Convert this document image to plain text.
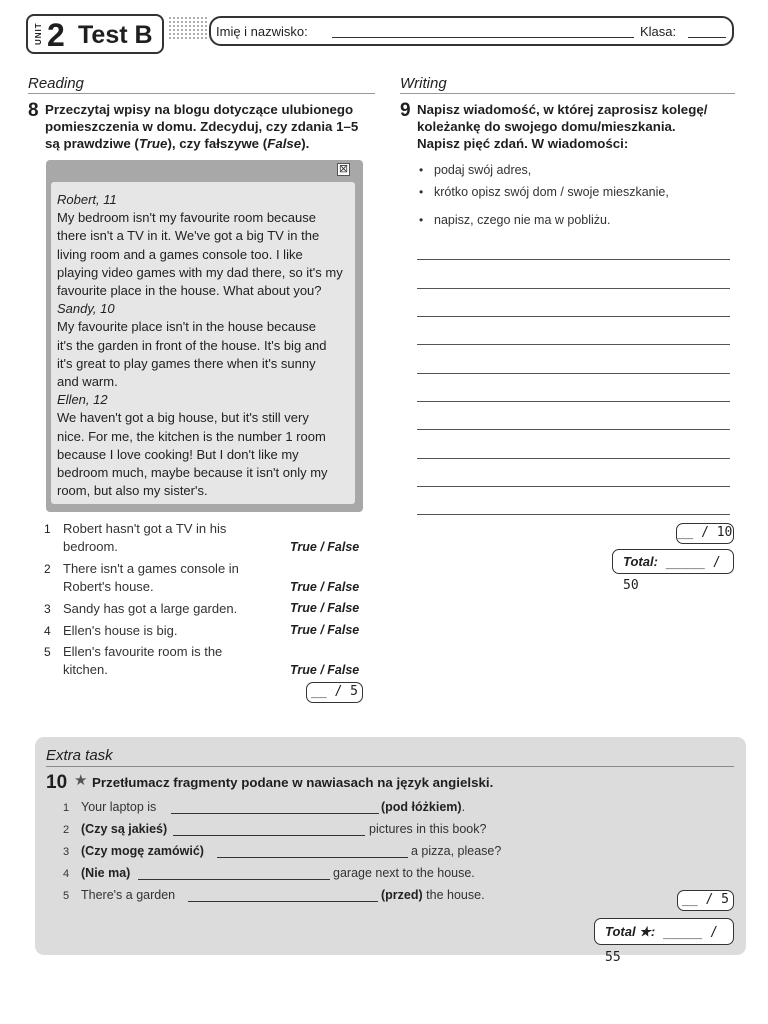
UNIT 2 Test B	Imię i nazwisko:	Klasa:
Reading
8 Przeczytaj wpisy na blogu dotyczące ulubionego
pomieszczenia w domu. Zdecyduj, czy zdania 1–5
są prawdziwe (True), czy fałszywe (False).
⊠
Robert, 11
My bedroom isn't my favourite room because
there isn't a TV in it. We've got a big TV in the
living room and a games console too. I like
playing video games with my dad there, so it's my
favourite place in the house. What about you?
Sandy, 10
My favourite place isn't in the house because
it's the garden in front of the house. It's big and
it's great to play games there when it's sunny
and warm.
Ellen, 12
We haven't got a big house, but it's still very
nice. For me, the kitchen is the number 1 room
because I love cooking! But I don't like my
bedroom much, maybe because it isn't only my
room, but also my sister's.
1 Robert hasn't got a TV in his
bedroom.	True / False
2 There isn't a games console in
Robert's house.	True / False
3 Sandy has got a large garden.	True / False
4 Ellen's house is big.	True / False
5 Ellen's favourite room is the
kitchen.	True / False
__ / 5
Writing
9 Napisz wiadomość, w której zaprosisz kolegę/
koleżankę do swojego domu/mieszkania.
Napisz pięć zdań. W wiadomości:
• podaj swój adres,
• krótko opisz swój dom / swoje mieszkanie,
• napisz, czego nie ma w pobliżu.
__ / 10
Total: _____ / 50
Extra task
10 ★ Przetłumacz fragmenty podane w nawiasach na język angielski.
1 Your laptop is	(pod łóżkiem).
2 (Czy są jakieś)	pictures in this book?
3 (Czy mogę zamówić)	a pizza, please?
4 (Nie ma)	garage next to the house.
5 There's a garden	(przed) the house.	__ / 5
Total ★: _____ / 55
